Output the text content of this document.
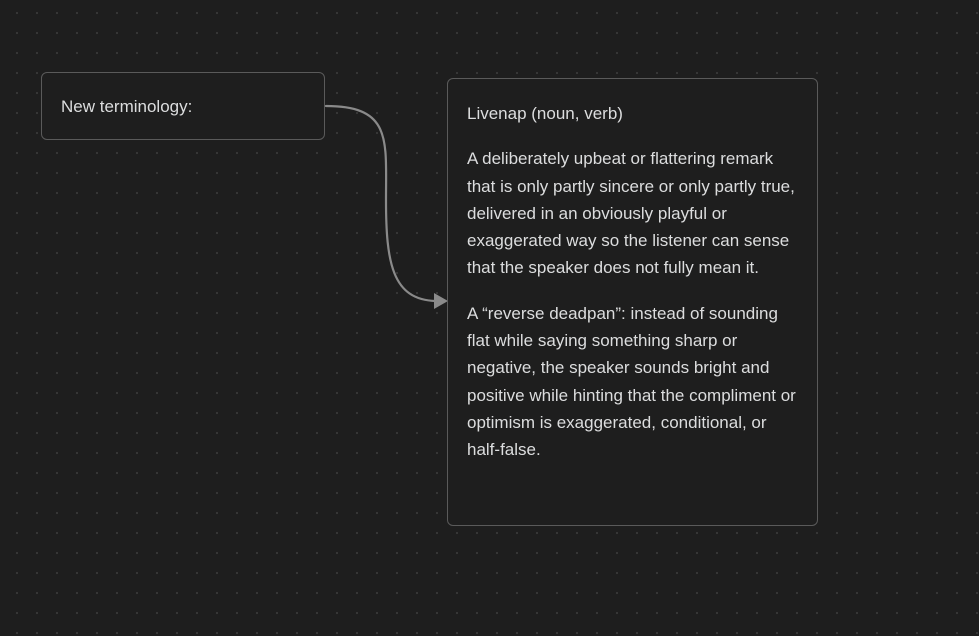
New terminology:	Livenap (noun, verb)

A deliberately upbeat or flattering remark that is only partly sincere or only partly true, delivered in an obviously playful or exaggerated way so the listener can sense that the speaker does not fully mean it.

A “reverse deadpan”: instead of sounding flat while saying something sharp or negative, the speaker sounds bright and positive while hinting that the compliment or optimism is exaggerated, conditional, or half-false.
